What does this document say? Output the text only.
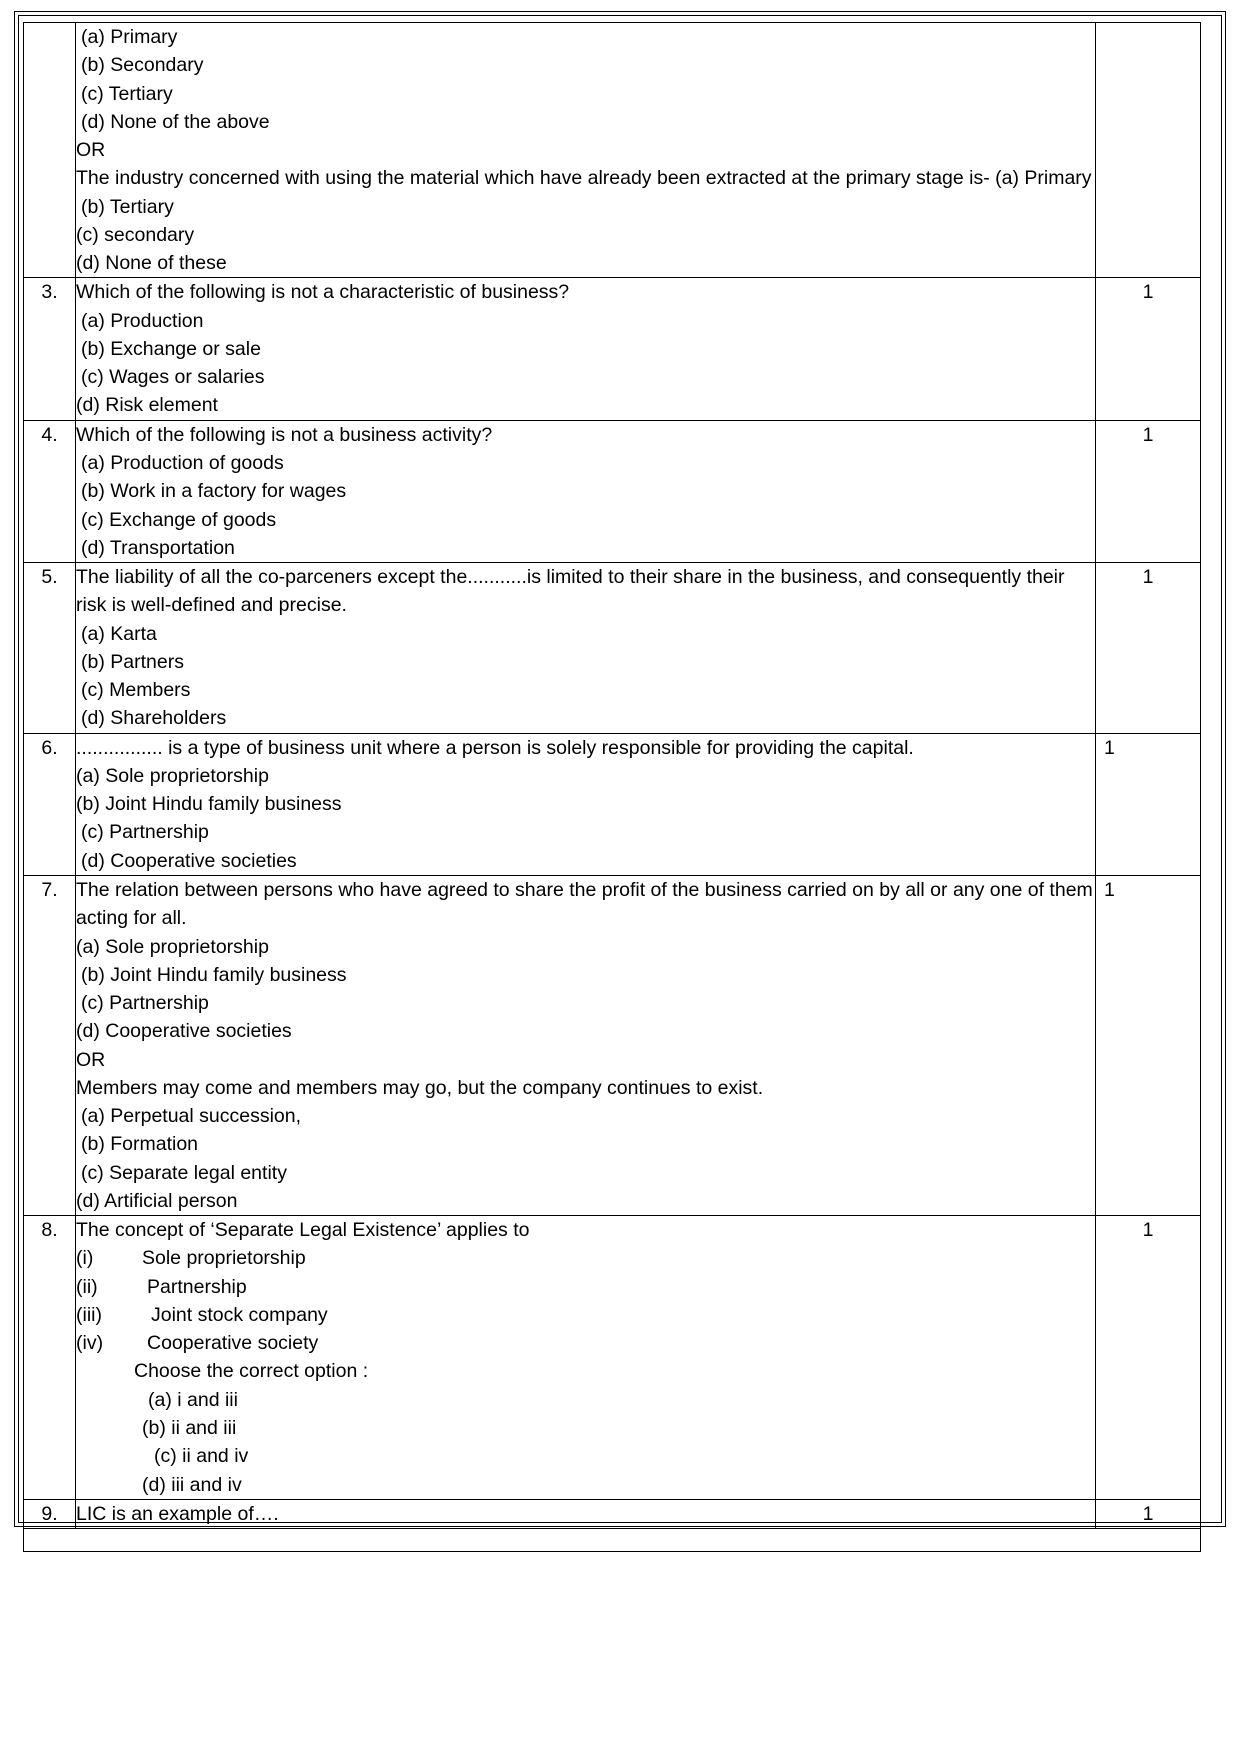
(a) Primary
(b) Secondary
(c) Tertiary
(d) None of the above
OR
The industry concerned with using the material which have already been extracted at the primary stage is- (a) Primary
(b) Tertiary
(c) secondary
(d) None of these

3.	Which of the following is not a characteristic of business?
(a) Production
(b) Exchange or sale
(c) Wages or salaries
(d) Risk element	1
4.	Which of the following is not a business activity?
(a) Production of goods
(b) Work in a factory for wages
(c) Exchange of goods
(d) Transportation	1
5.	The liability of all the co-parceners except the...........is limited to their share in the business, and consequently their risk is well-defined and precise.
(a) Karta
(b) Partners
(c) Members
(d) Shareholders	1
6.	................ is a type of business unit where a person is solely responsible for providing the capital.
(a) Sole proprietorship
(b) Joint Hindu family business
(c) Partnership
(d) Cooperative societies	1
7.	The relation between persons who have agreed to share the profit of the business carried on by all or any one of them acting for all.
(a) Sole proprietorship
(b) Joint Hindu family business
(c) Partnership
(d) Cooperative societies
OR
Members may come and members may go, but the company continues to exist.
(a) Perpetual succession,
(b) Formation
(c) Separate legal entity
(d) Artificial person
	1
8.	The concept of ‘Separate Legal Existence’ applies to
(i)	Sole proprietorship
(ii)	Partnership
(iii)	Joint stock company
(iv)	Cooperative society
Choose the correct option :
(a) i and iii
(b) ii and iii
(c) ii and iv
(d) iii and iv
	1
9.	LIC is an example of….	1
